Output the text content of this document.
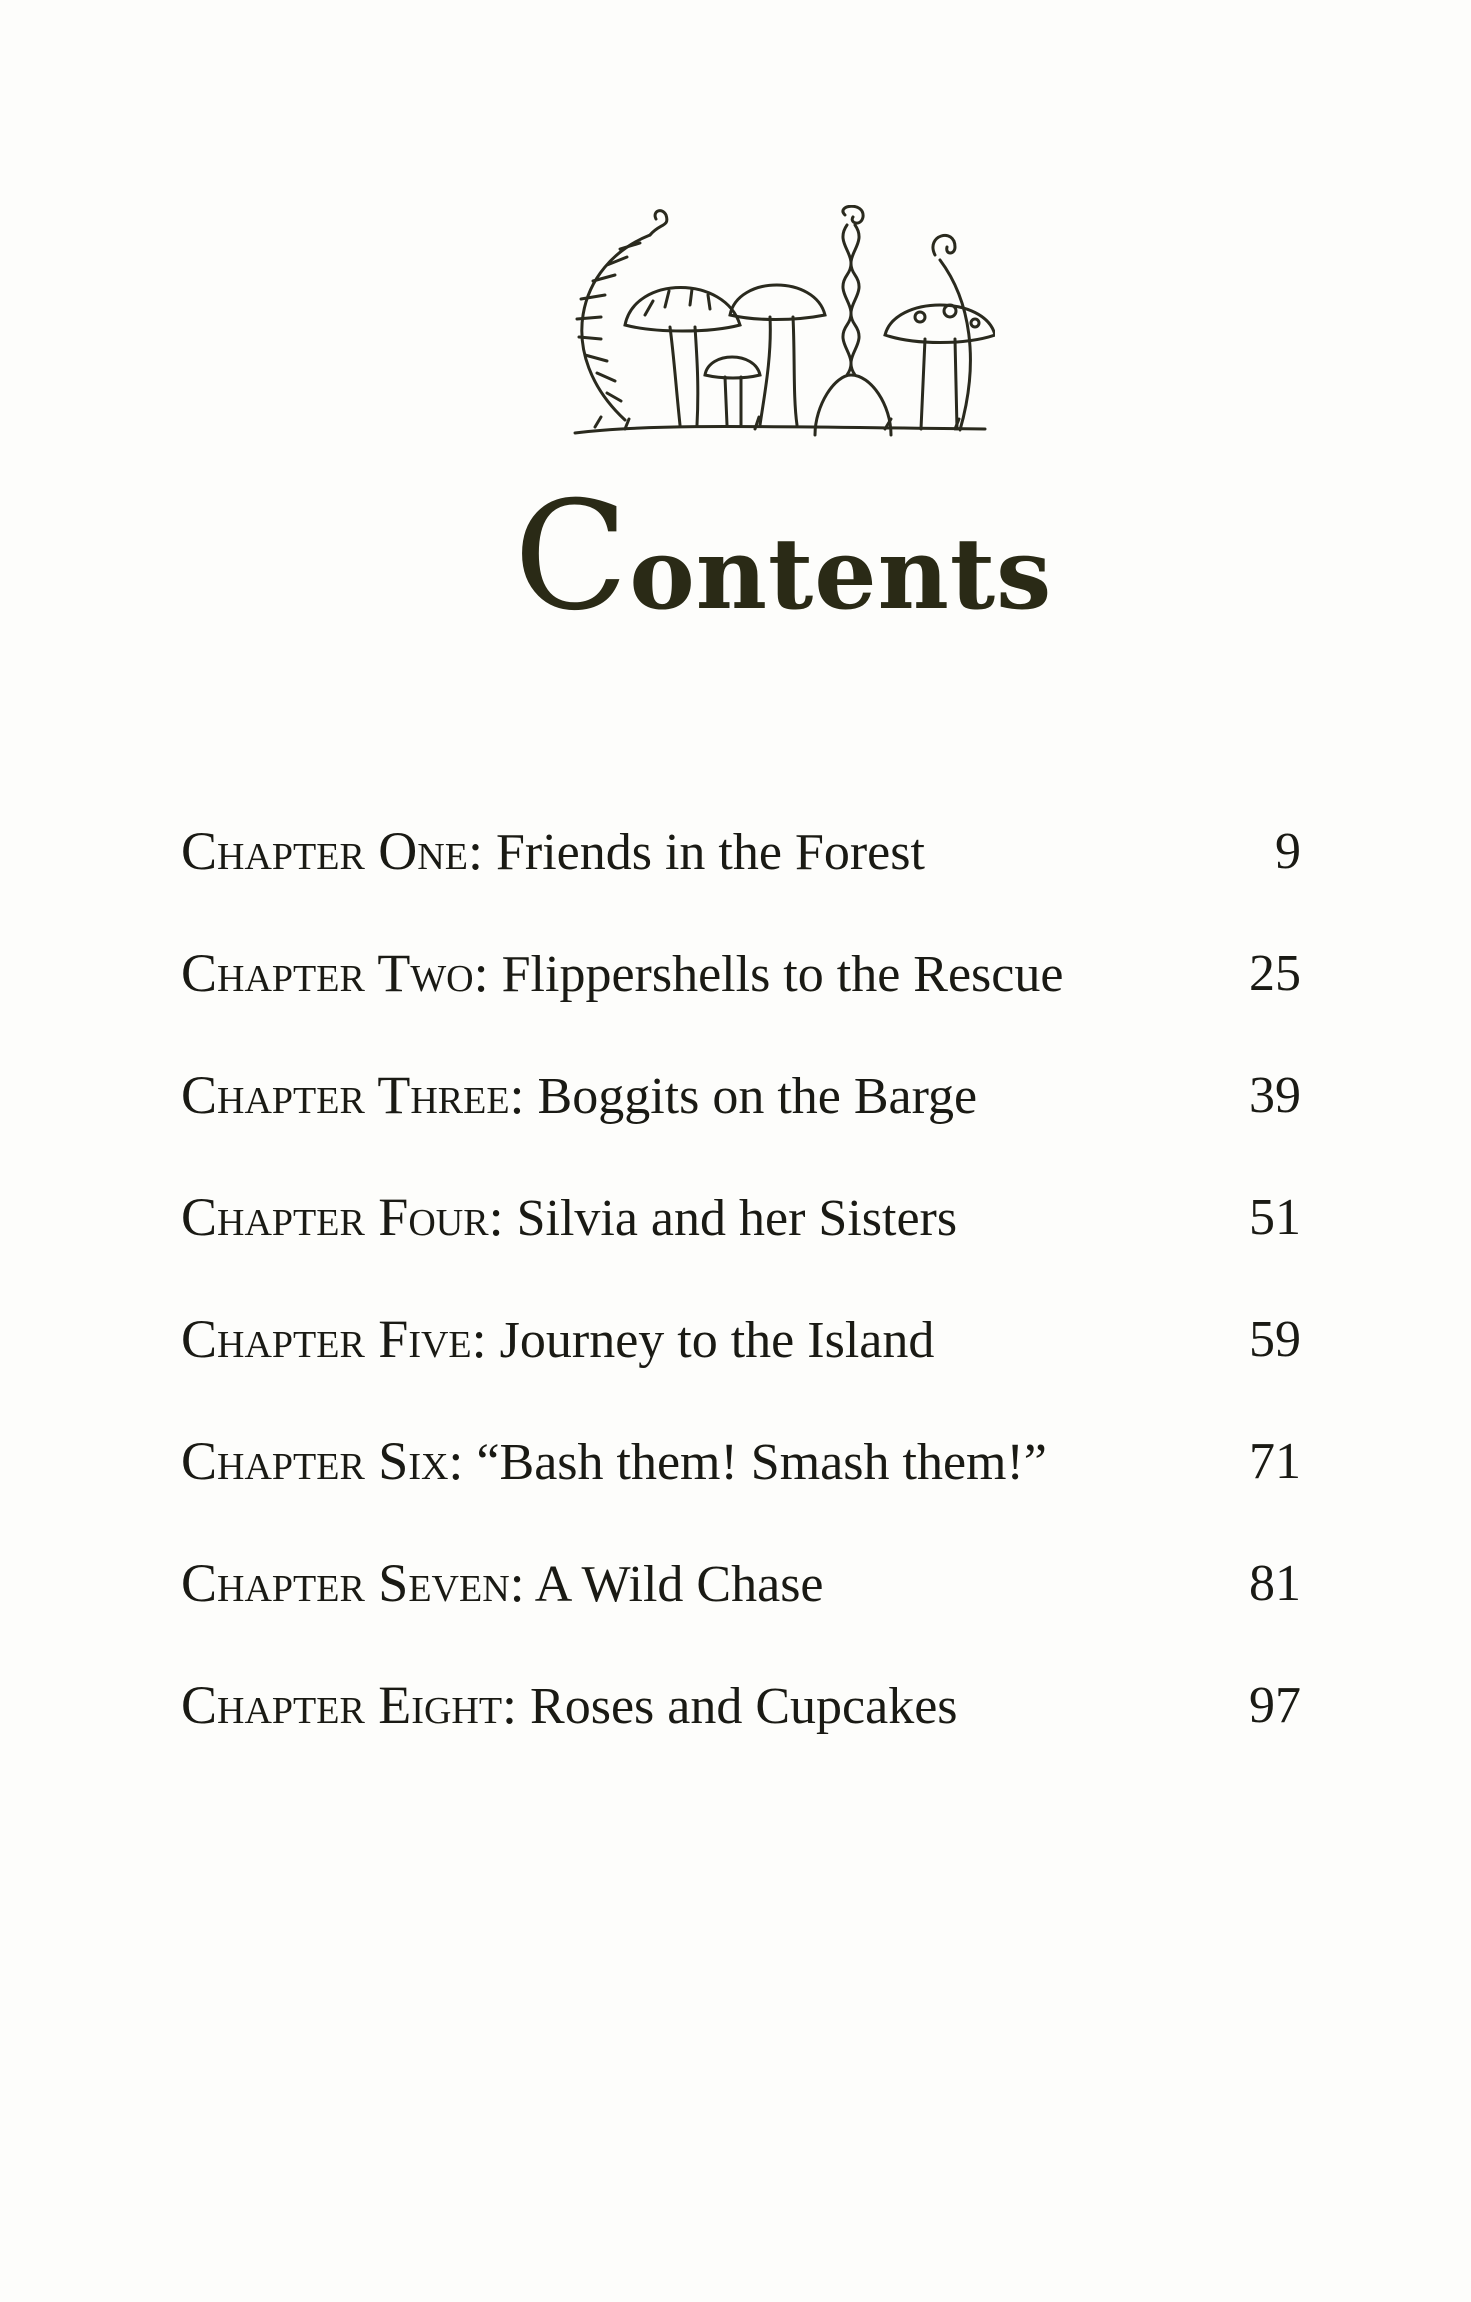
Contents
Chapter One: Friends in the Forest	9
Chapter Two: Flippershells to the Rescue	25
Chapter Three: Boggits on the Barge	39
Chapter Four: Silvia and her Sisters	51
Chapter Five: Journey to the Island	59
Chapter Six: “Bash them! Smash them!”	71
Chapter Seven: A Wild Chase	81
Chapter Eight: Roses and Cupcakes	97
